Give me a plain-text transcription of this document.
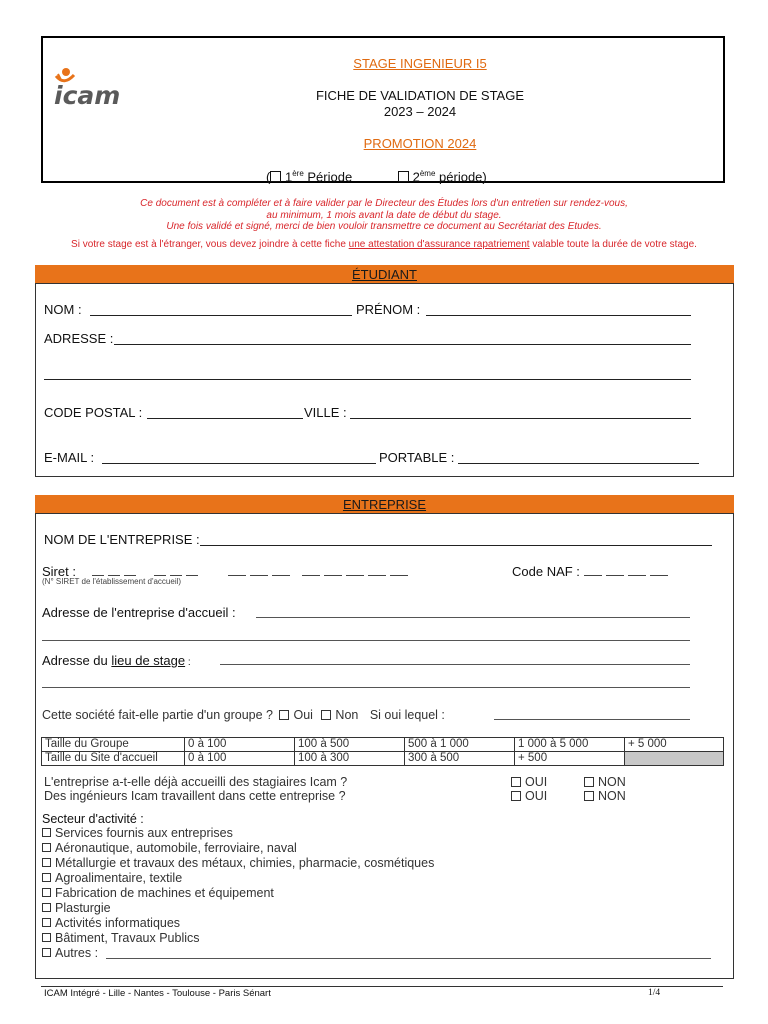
icam
STAGE INGENIEUR I5
FICHE DE VALIDATION DE STAGE
2023 – 2024
PROMOTION 2024
( 1ère Période	2ème période)
Ce document est à compléter et à faire valider par le Directeur des Études lors d'un entretien sur rendez-vous,
au minimum, 1 mois avant la date de début du stage.
Une fois validé et signé, merci de bien vouloir transmettre ce document au Secrétariat des Etudes.
Si votre stage est à l'étranger, vous devez joindre à cette fiche une attestation d'assurance rapatriement valable toute la durée de votre stage.
ÉTUDIANT
NOM :	PRÉNOM :
ADRESSE :
CODE POSTAL :	VILLE :
E-MAIL :	PORTABLE :
ENTREPRISE
NOM DE L'ENTREPRISE :
Siret :
(N° SIRET de l'établissement d'accueil)
Code NAF :
Adresse de l'entreprise d'accueil :
Adresse du lieu de stage :
Cette société fait-elle partie d'un groupe ? Oui Non Si oui lequel :
Taille du Groupe	0 à 100	100 à 500	500 à 1 000	1 000 à 5 000	+ 5 000
Taille du Site d'accueil	0 à 100	100 à 300	300 à 500	+ 500	
L'entreprise a-t-elle déjà accueilli des stagiaires Icam ?	OUI	NON
Des ingénieurs Icam travaillent dans cette entreprise ?	OUI	NON
Secteur d'activité :
Services fournis aux entreprises
Aéronautique, automobile, ferroviaire, naval
Métallurgie et travaux des métaux, chimies, pharmacie, cosmétiques
Agroalimentaire, textile
Fabrication de machines et équipement
Plasturgie
Activités informatiques
Bâtiment, Travaux Publics
Autres :
ICAM Intégré - Lille - Nantes - Toulouse - Paris Sénart	1/4
